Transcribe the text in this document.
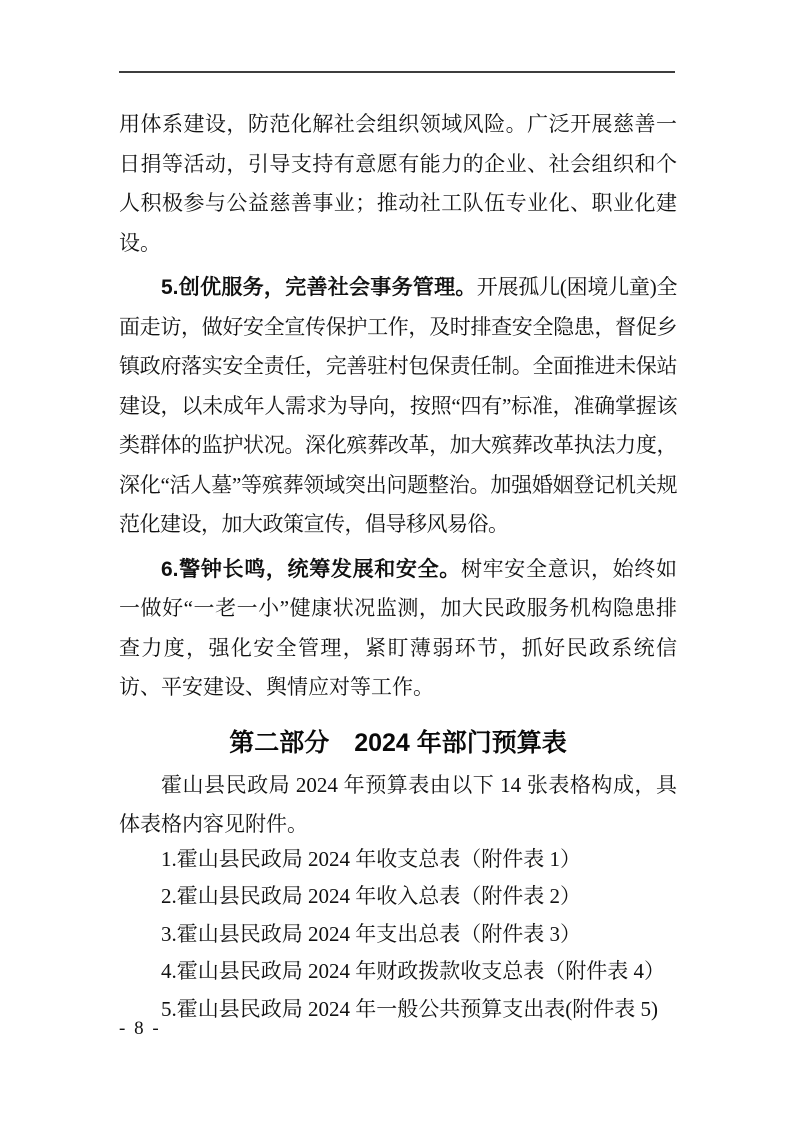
用体系建设，防范化解社会组织领域风险。广泛开展慈善一日捐等活动，引导支持有意愿有能力的企业、社会组织和个人积极参与公益慈善事业；推动社工队伍专业化、职业化建设。

5.创优服务，完善社会事务管理。开展孤儿(困境儿童)全面走访，做好安全宣传保护工作，及时排查安全隐患，督促乡镇政府落实安全责任，完善驻村包保责任制。全面推进未保站建设，以未成年人需求为导向，按照“四有”标准，准确掌握该类群体的监护状况。深化殡葬改革，加大殡葬改革执法力度，深化“活人墓”等殡葬领域突出问题整治。加强婚姻登记机关规范化建设，加大政策宣传，倡导移风易俗。

6.警钟长鸣，统筹发展和安全。树牢安全意识，始终如一做好“一老一小”健康状况监测，加大民政服务机构隐患排查力度，强化安全管理，紧盯薄弱环节，抓好民政系统信访、平安建设、舆情应对等工作。

第二部分　2024 年部门预算表

霍山县民政局 2024 年预算表由以下 14 张表格构成，具体表格内容见附件。

1.霍山县民政局 2024 年收支总表（附件表 1）
2.霍山县民政局 2024 年收入总表（附件表 2）
3.霍山县民政局 2024 年支出总表（附件表 3）
4.霍山县民政局 2024 年财政拨款收支总表（附件表 4）
5.霍山县民政局 2024 年一般公共预算支出表(附件表 5)
- 8 -
